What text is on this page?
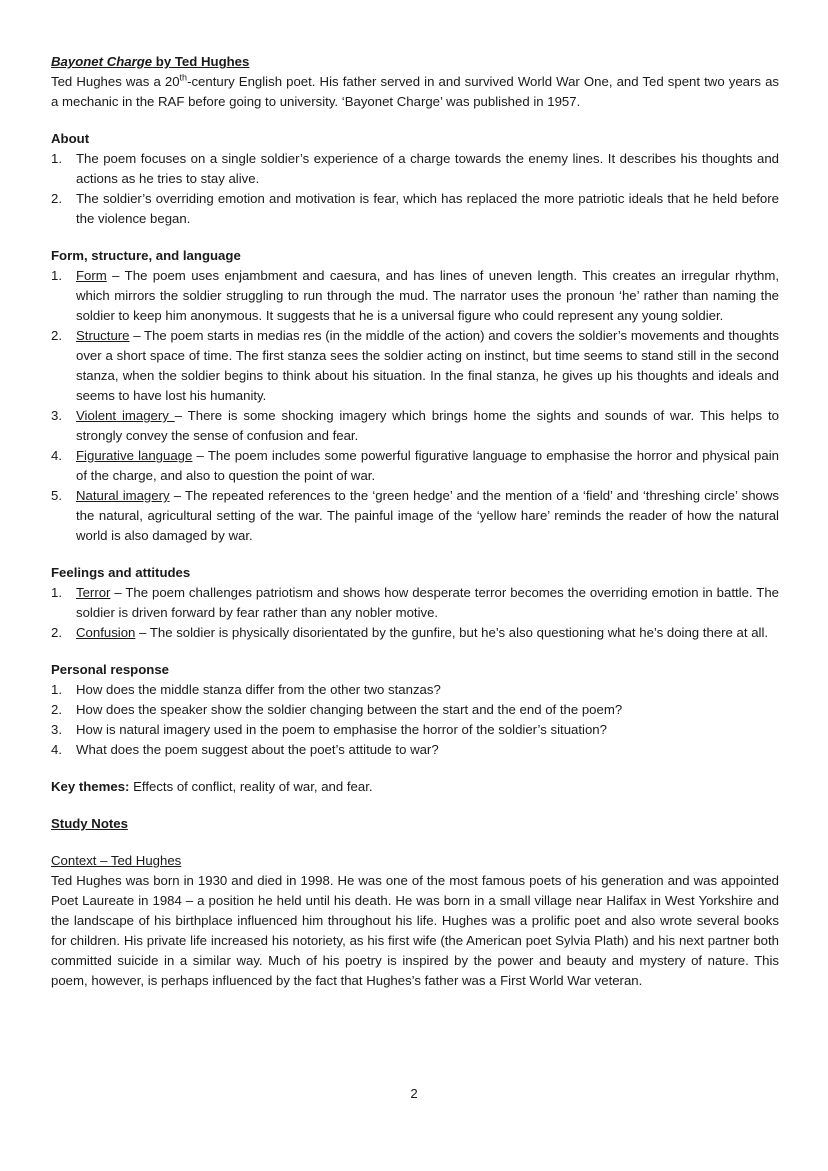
Bayonet Charge by Ted Hughes

Ted Hughes was a 20th-century English poet. His father served in and survived World War One, and Ted spent two years as a mechanic in the RAF before going to university. ‘Bayonet Charge’ was published in 1957.

About
1. The poem focuses on a single soldier’s experience of a charge towards the enemy lines. It describes his thoughts and actions as he tries to stay alive.
2. The soldier’s overriding emotion and motivation is fear, which has replaced the more patriotic ideals that he held before the violence began.
Form, structure, and language
1. Form – The poem uses enjambment and caesura, and has lines of uneven length. This creates an irregular rhythm, which mirrors the soldier struggling to run through the mud. The narrator uses the pronoun ‘he’ rather than naming the soldier to keep him anonymous. It suggests that he is a universal figure who could represent any young soldier.
2. Structure – The poem starts in medias res (in the middle of the action) and covers the soldier’s movements and thoughts over a short space of time. The first stanza sees the soldier acting on instinct, but time seems to stand still in the second stanza, when the soldier begins to think about his situation. In the final stanza, he gives up his thoughts and ideals and seems to have lost his humanity.
3. Violent imagery – There is some shocking imagery which brings home the sights and sounds of war. This helps to strongly convey the sense of confusion and fear.
4. Figurative language – The poem includes some powerful figurative language to emphasise the horror and physical pain of the charge, and also to question the point of war.
5. Natural imagery – The repeated references to the ‘green hedge’ and the mention of a ‘field’ and ‘threshing circle’ shows the natural, agricultural setting of the war. The painful image of the ‘yellow hare’ reminds the reader of how the natural world is also damaged by war.
Feelings and attitudes
1. Terror – The poem challenges patriotism and shows how desperate terror becomes the overriding emotion in battle. The soldier is driven forward by fear rather than any nobler motive.
2. Confusion – The soldier is physically disorientated by the gunfire, but he’s also questioning what he’s doing there at all.
Personal response
1. How does the middle stanza differ from the other two stanzas?
2. How does the speaker show the soldier changing between the start and the end of the poem?
3. How is natural imagery used in the poem to emphasise the horror of the soldier’s situation?
4. What does the poem suggest about the poet’s attitude to war?

Key themes: Effects of conflict, reality of war, and fear.

Study Notes

Context – Ted Hughes

Ted Hughes was born in 1930 and died in 1998. He was one of the most famous poets of his generation and was appointed Poet Laureate in 1984 – a position he held until his death. He was born in a small village near Halifax in West Yorkshire and the landscape of his birthplace influenced him throughout his life. Hughes was a prolific poet and also wrote several books for children. His private life increased his notoriety, as his first wife (the American poet Sylvia Plath) and his next partner both committed suicide in a similar way. Much of his poetry is inspired by the power and beauty and mystery of nature. This poem, however, is perhaps influenced by the fact that Hughes’s father was a First World War veteran.

2
